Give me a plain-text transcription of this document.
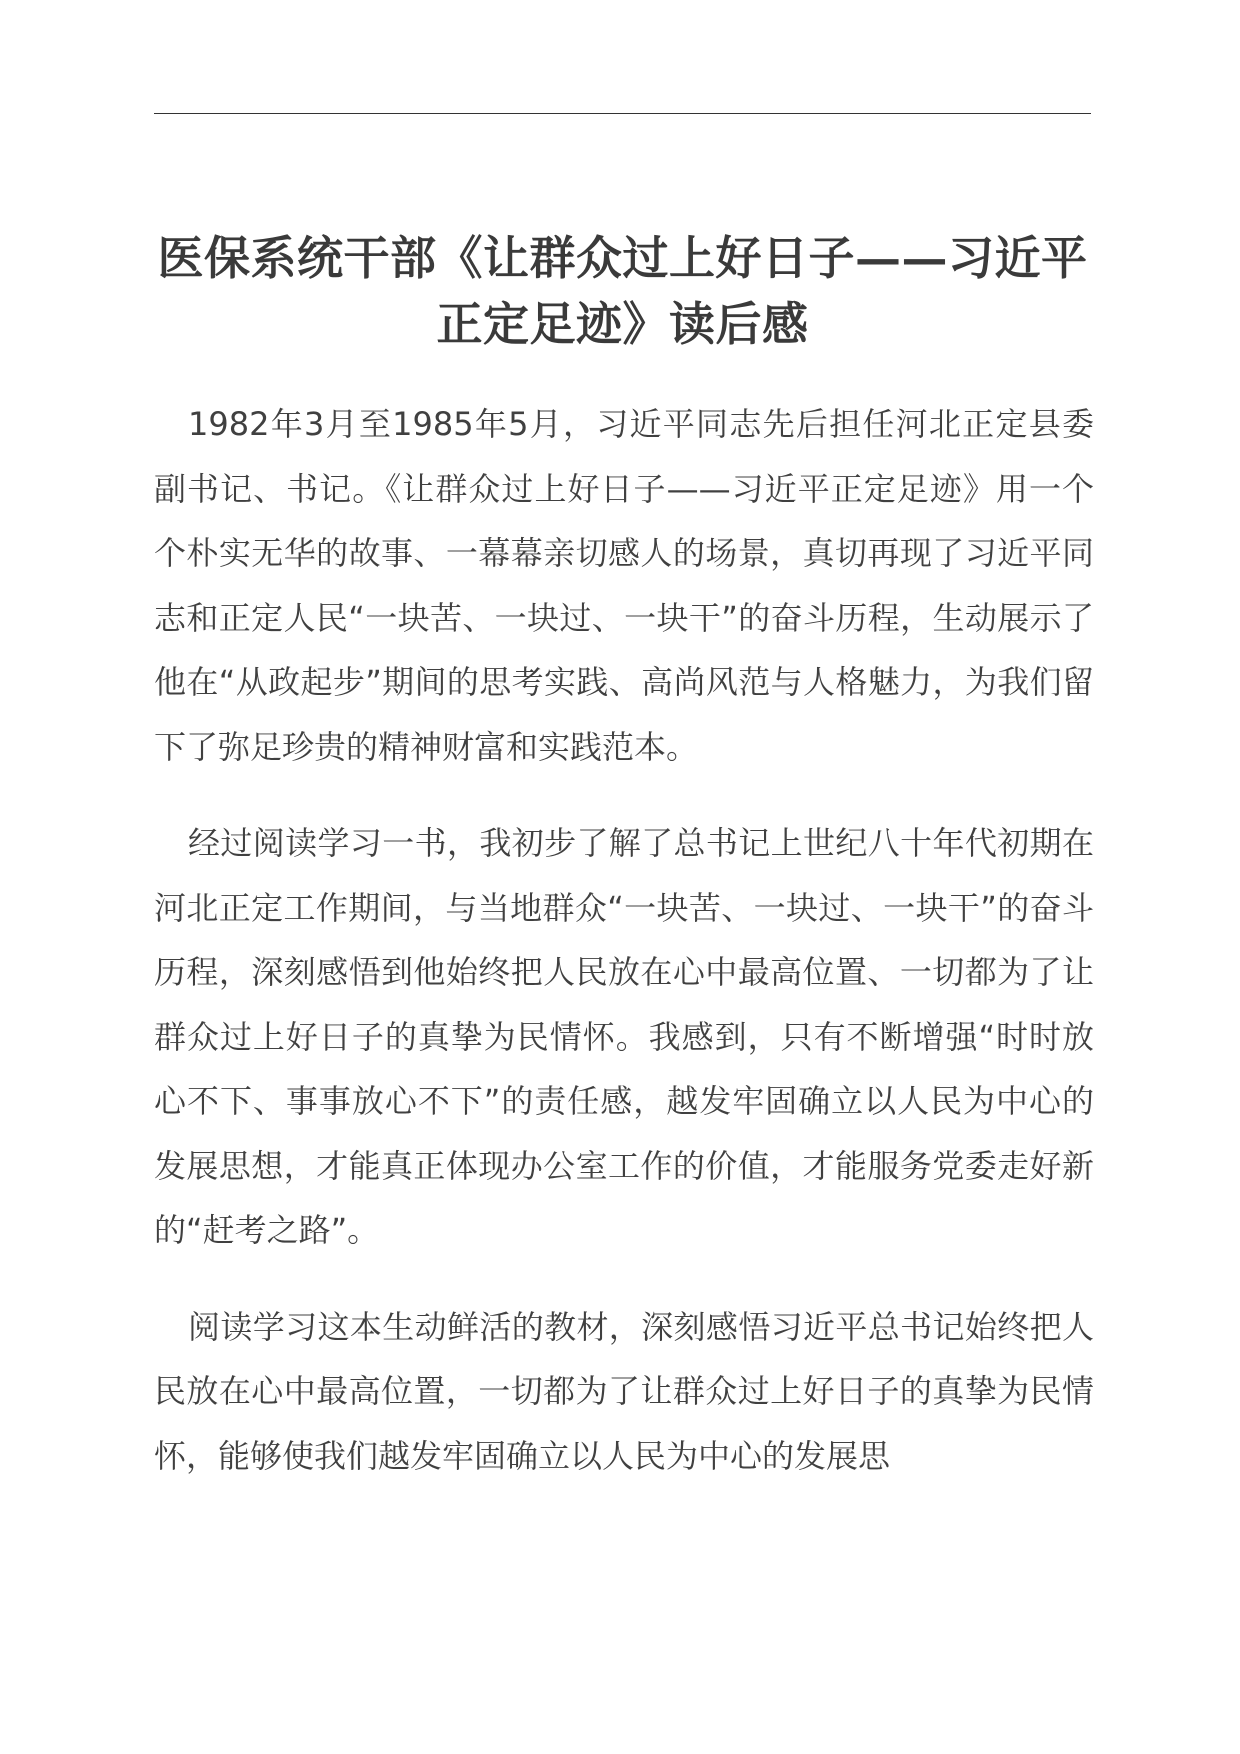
医保系统干部《让群众过上好日子——习近平正定足迹》读后感

1982年3月至1985年5月，习近平同志先后担任河北正定县委副书记、书记。《让群众过上好日子——习近平正定足迹》用一个个朴实无华的故事、一幕幕亲切感人的场景，真切再现了习近平同志和正定人民“一块苦、一块过、一块干”的奋斗历程，生动展示了他在“从政起步”期间的思考实践、高尚风范与人格魅力，为我们留下了弥足珍贵的精神财富和实践范本。

经过阅读学习一书，我初步了解了总书记上世纪八十年代初期在河北正定工作期间，与当地群众“一块苦、一块过、一块干”的奋斗历程，深刻感悟到他始终把人民放在心中最高位置、一切都为了让群众过上好日子的真挚为民情怀。我感到，只有不断增强“时时放心不下、事事放心不下”的责任感，越发牢固确立以人民为中心的发展思想，才能真正体现办公室工作的价值，才能服务党委走好新的“赶考之路”。

阅读学习这本生动鲜活的教材，深刻感悟习近平总书记始终把人民放在心中最高位置，一切都为了让群众过上好日子的真挚为民情怀，能够使我们越发牢固确立以人民为中心的发展思
